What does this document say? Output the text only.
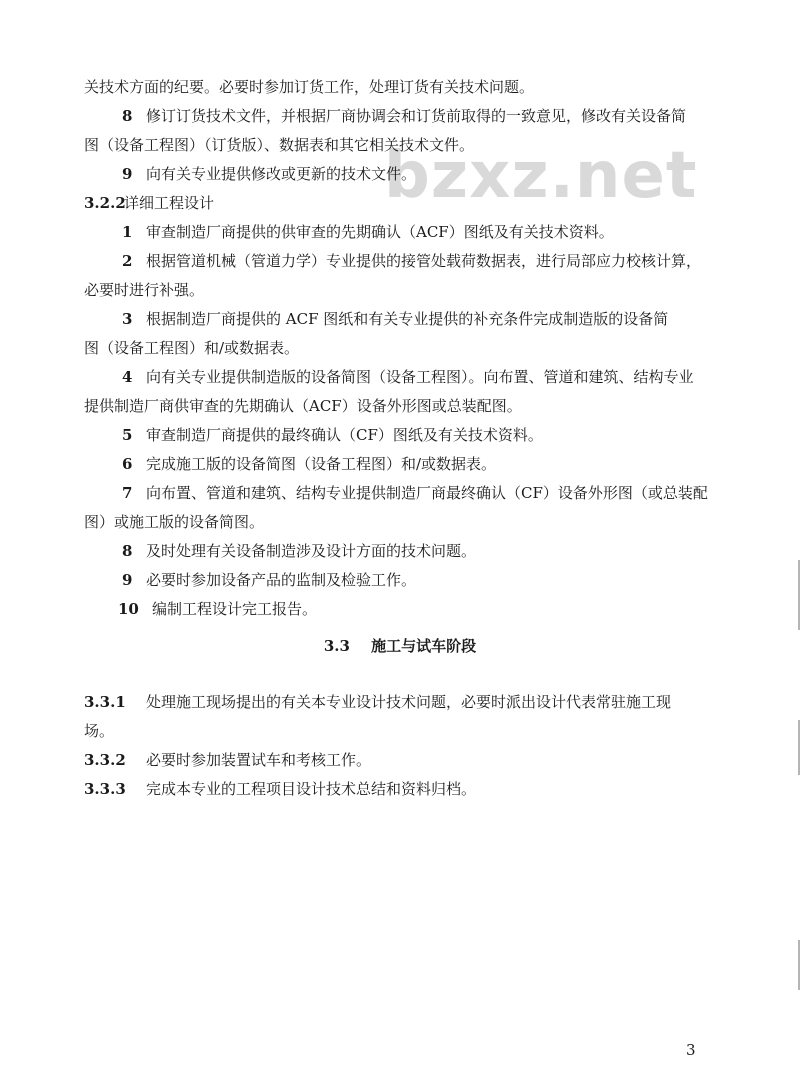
bzxz.net
关技术方面的纪要。必要时参加订货工作，处理订货有关技术问题。
8 修订订货技术文件，并根据厂商协调会和订货前取得的一致意见，修改有关设备简
图（设备工程图）（订货版）、数据表和其它相关技术文件。
9 向有关专业提供修改或更新的技术文件。
3.2.2
详细工程设计
1 审查制造厂商提供的供审查的先期确认（ACF）图纸及有关技术资料。
2 根据管道机械（管道力学）专业提供的接管处载荷数据表，进行局部应力校核计算，
必要时进行补强。
3 根据制造厂商提供的 ACF 图纸和有关专业提供的补充条件完成制造版的设备简
图（设备工程图）和/或数据表。
4 向有关专业提供制造版的设备简图（设备工程图）。向布置、管道和建筑、结构专业
提供制造厂商供审查的先期确认（ACF）设备外形图或总装配图。
5 审查制造厂商提供的最终确认（CF）图纸及有关技术资料。
6 完成施工版的设备简图（设备工程图）和/或数据表。
7 向布置、管道和建筑、结构专业提供制造厂商最终确认（CF）设备外形图（或总装配
图）或施工版的设备简图。
8 及时处理有关设备制造涉及设计方面的技术问题。
9 必要时参加设备产品的监制及检验工作。
10 编制工程设计完工报告。
3.3 施工与试车阶段
3.3.1 处理施工现场提出的有关本专业设计技术问题，必要时派出设计代表常驻施工现
场。
3.3.2 必要时参加装置试车和考核工作。
3.3.3 完成本专业的工程项目设计技术总结和资料归档。
3
